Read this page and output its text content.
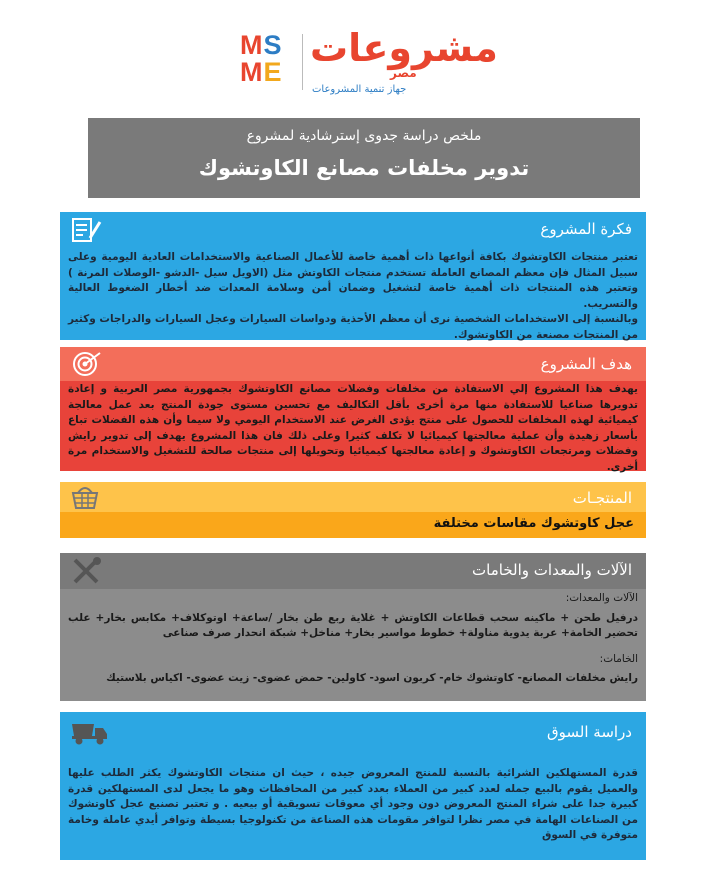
MS
ME
مشروعات
مصر
جهاز تنمية المشروعات
ملخص دراسة جدوى إسترشادية لمشروع
تدوير مخلفات مصانع الكاوتشوك
فكرة المشروع

تعتبر منتجات الكاوتشوك بكافة أنواعها ذات أهمية خاصة للأعمال الصناعية والاستخدامات العادية اليومية وعلى سبيل المثال فإن معظم المصانع العاملة تستخدم منتجات الكاوتش مثل (الاويل سيل -الدشو -الوصلات المرنة ) وتعتبر هذه المنتجات ذات أهمية خاصة لتشغيل وضمان أمن وسلامة المعدات ضد أخطار الضغوط العالية والتسريب.

وبالنسبة إلى الاستخدامات الشخصية نرى أن معظم الأحذية ودواسات السيارات وعجل السيارات والدراجات وكثير من المنتجات مصنعة من الكاوتشوك.

هدف المشروع

يهدف هذا المشروع إلي الاستفادة من مخلفات وفضلات مصانع الكاوتشوك بجمهورية مصر العربية و إعادة تدويرها صناعيا للاستفادة منها مرة أخرى بأقل التكاليف مع تحسين مستوى جودة المنتج بعد عمل معالجة كيميائية لهذه المخلفات للحصول على منتج يؤدى الغرض عند الاستخدام اليومي ولا سيما وأن هذه الفضلات تباع بأسعار زهيدة وأن عملية معالجتها كيميائيا لا تكلف كثيرا وعلى ذلك فان هذا المشروع يهدف إلى تدوير رايش وفضلات ومرتجعات الكاوتشوك و إعادة معالجتها كيميائيا وتحويلها إلى منتجات صالحة للتشغيل والاستخدام مرة أخرى.

المنتجـات
عجل كاوتشوك مقاسات مختلفة
الآلات والمعدات والخامات

الآلات والمعدات:

درفيل طحن + ماكينه سحب قطاعات الكاوتش + غلاية ربع طن بخار /ساعة+ اوتوكلاف+ مكابس بخار+ علب تحضير الخامة+ عربة يدوية مناولة+ خطوط مواسير بخار+ مناخل+ شبكة انحدار صرف صناعى

الخامات:

رايش مخلفات المصانع- كاوتشوك خام- كربون اسود- كاولين- حمض عضوى- زيت عضوى- اكياس بلاستيك

دراسة السوق

قدرة المستهلكين الشرائية بالنسبة للمنتج المعروض جيده ، حيث ان منتجات الكاوتشوك يكثر الطلب عليها والعميل يقوم بالبيع جمله لعدد كبير من العملاء بعدد كبير من المحافظات وهو ما يجعل لدى المستهلكين قدرة كبيرة جدا على شراء المنتج المعروض دون وجود أي معوقات تسويقية أو بيعيه . و تعتبر تصنيع عجل كاوتشوك من الصناعات الهامة في مصر نظرا لتوافر مقومات هذه الصناعة من تكنولوجيا بسيطة وتوافر أيدي عاملة وخامة متوفرة في السوق
